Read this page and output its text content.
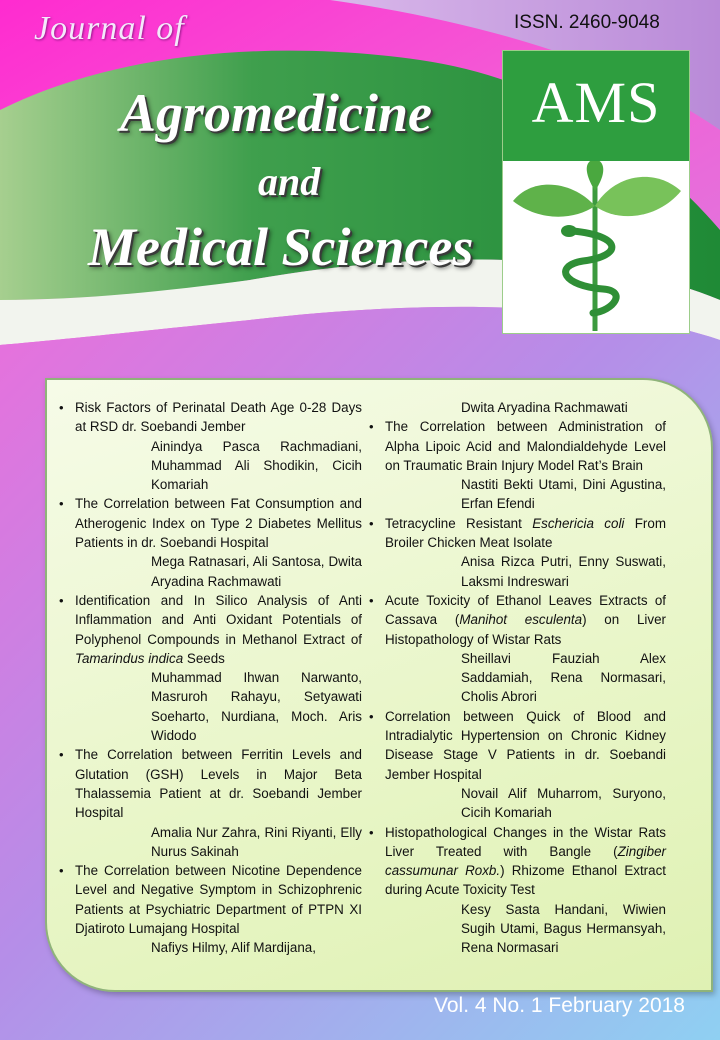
Journal of
Agromedicine
and
Medical Sciences
ISSN. 2460-9048
AMS
• Risk Factors of Perinatal Death Age 0-28 Days at RSD dr. Soebandi Jember
Ainindya Pasca Rachmadiani, Muhammad Ali Shodikin, Cicih Komariah
• The Correlation between Fat Consumption and Atherogenic Index on Type 2 Diabetes Mellitus Patients in dr. Soebandi Hospital
Mega Ratnasari, Ali Santosa, Dwita Aryadina Rachmawati
• Identification and In Silico Analysis of Anti Inflammation and Anti Oxidant Potentials of Polyphenol Compounds in Methanol Extract of Tamarindus indica Seeds
Muhammad Ihwan Narwanto, Masruroh Rahayu, Setyawati Soeharto, Nurdiana, Moch. Aris Widodo
• The Correlation between Ferritin Levels and Glutation (GSH) Levels in Major Beta Thalassemia Patient at dr. Soebandi Jember Hospital
Amalia Nur Zahra, Rini Riyanti, Elly Nurus Sakinah
• The Correlation between Nicotine Dependence Level and Negative Symptom in Schizophrenic Patients at Psychiatric Department of PTPN XI Djatiroto Lumajang Hospital
Nafiys Hilmy, Alif Mardijana,
Dwita Aryadina Rachmawati
• The Correlation between Administration of Alpha Lipoic Acid and Malondialdehyde Level on Traumatic Brain Injury Model Rat’s Brain
Nastiti Bekti Utami, Dini Agustina, Erfan Efendi
• Tetracycline Resistant Eschericia coli From Broiler Chicken Meat Isolate
Anisa Rizca Putri, Enny Suswati, Laksmi Indreswari
• Acute Toxicity of Ethanol Leaves Extracts of Cassava (Manihot esculenta) on Liver Histopathology of Wistar Rats
Sheillavi Fauziah Alex Saddamiah, Rena Normasari, Cholis Abrori
• Correlation between Quick of Blood and Intradialytic Hypertension on Chronic Kidney Disease Stage V Patients in dr. Soebandi Jember Hospital
Novail Alif Muharrom, Suryono, Cicih Komariah
• Histopathological Changes in the Wistar Rats Liver Treated with Bangle (Zingiber cassumunar Roxb.) Rhizome Ethanol Extract during Acute Toxicity Test
Kesy Sasta Handani, Wiwien Sugih Utami, Bagus Hermansyah, Rena Normasari
Vol. 4 No. 1 February 2018
